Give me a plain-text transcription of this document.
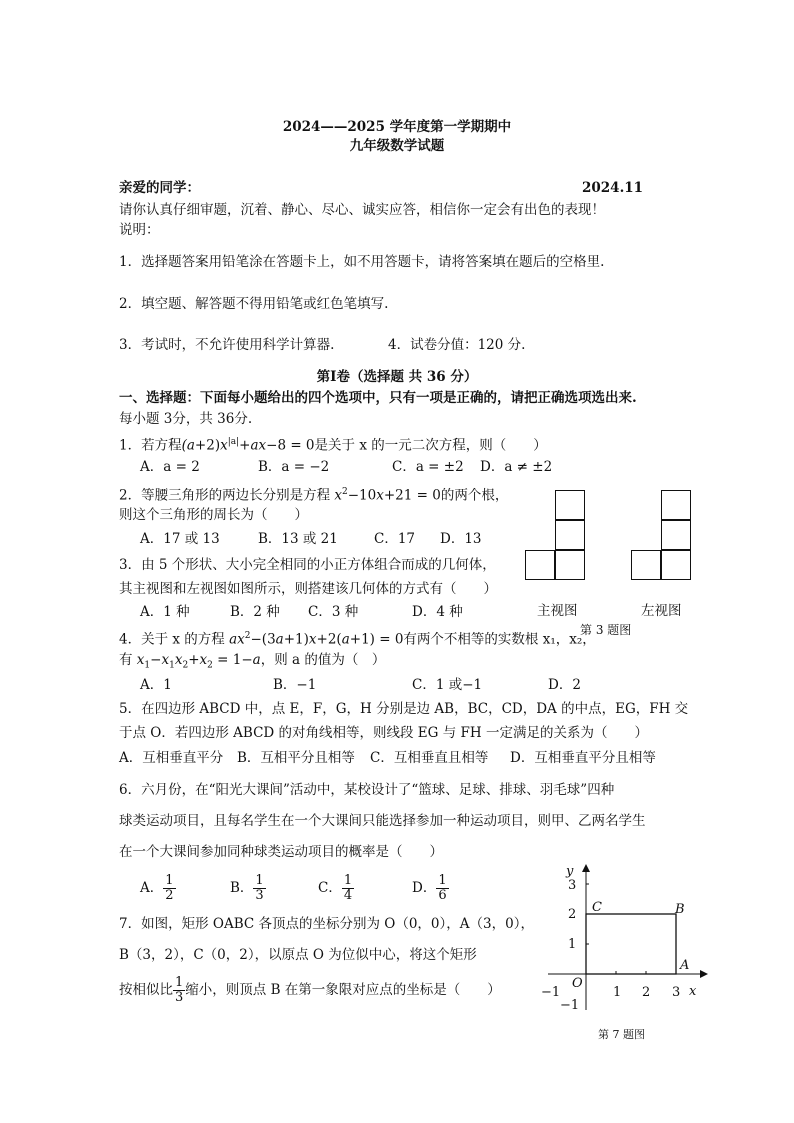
2024——2025 学年度第一学期期中
九年级数学试题
亲爱的同学：	2024.11
请你认真仔细审题，沉着、静心、尽心、诚实应答，相信你一定会有出色的表现！
说明：
1．选择题答案用铅笔涂在答题卡上，如不用答题卡，请将答案填在题后的空格里.
2．填空题、解答题不得用铅笔或红色笔填写.
3．考试时，不允许使用科学计算器.	4．试卷分值：120 分.
第Ⅰ卷（选择题 共 36 分）
一、选择题：下面每小题给出的四个选项中，只有一项是正确的，请把正确选项选出来.
每小题 3分，共 36分.
1．若方程$(a+2)x^{|a|}+ax-8 = 0$是关于 x 的一元二次方程，则（　　）
A．a = 2	B．a = −2	C．a = ±2 D．a ≠ ±2
2．等腰三角形的两边长分别是方程 $x^2-10x+21 = 0$的两个根，
则这个三角形的周长为（　　）
A．17 或 13	B．13 或 21	C．17 D．13
主视图	左视图
第 3 题图
3．由 5 个形状、大小完全相同的小正方体组合而成的几何体，
其主视图和左视图如图所示，则搭建该几何体的方式有（　　）
A．1 种	B．2 种 C．3 种	D．4 种
4．关于 x 的方程 $ax^2-(3a+1)x+2(a+1) = 0$有两个不相等的实数根 x₁，x₂，
有 $x_1-x_1x_2+x_2 = 1-a$，则 a 的值为（　）
A．1	B．−1	C．1 或−1	D．2
5．在四边形 ABCD 中，点 E，F，G，H 分别是边 AB，BC，CD，DA 的中点，EG，FH 交
于点 O．若四边形 ABCD 的对角线相等，则线段 EG 与 FH 一定满足的关系为（　　）
A．互相垂直平分 B．互相平分且相等 C．互相垂直且相等 D．互相垂直平分且相等
6．六月份，在“阳光大课间”活动中，某校设计了“篮球、足球、排球、羽毛球”四种
球类运动项目，且每名学生在一个大课间只能选择参加一种运动项目，则甲、乙两名学生
在一个大课间参加同种球类运动项目的概率是（　　）
A． $\frac{1}{2}$	B． $\frac{1}{3}$	C． $\frac{1}{4}$	D． $\frac{1}{6}$
7．如图，矩形 OABC 各顶点的坐标分别为 O（0，0），A（3，0），
B（3，2），C（0，2），以原点 O 为位似中心，将这个矩形
按相似比 $\frac{1}{3}$ 缩小，则顶点 B 在第一象限对应点的坐标是（　　）
y
x
O
C	B
A
−1	1 2 3
3
2
1
−1
第 7 题图
